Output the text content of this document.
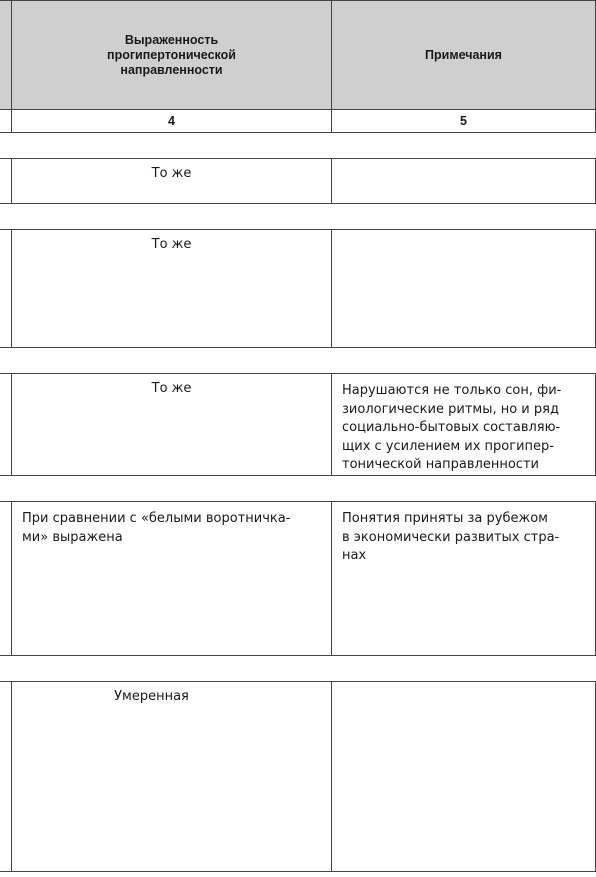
	Выраженность прогипертонической направленности	Примечания

	4	5

	То же	

	То же	

	То же	Нарушаются не только сон, фи-
зиологические ритмы, но и ряд
социально-бытовых составляю-
щих с усилением их прогипер-
тонической направленности

	При сравнении с «белыми воротничка-
ми» выражена	Понятия приняты за рубежом
в экономически развитых стра-
нах

	Умеренная	
